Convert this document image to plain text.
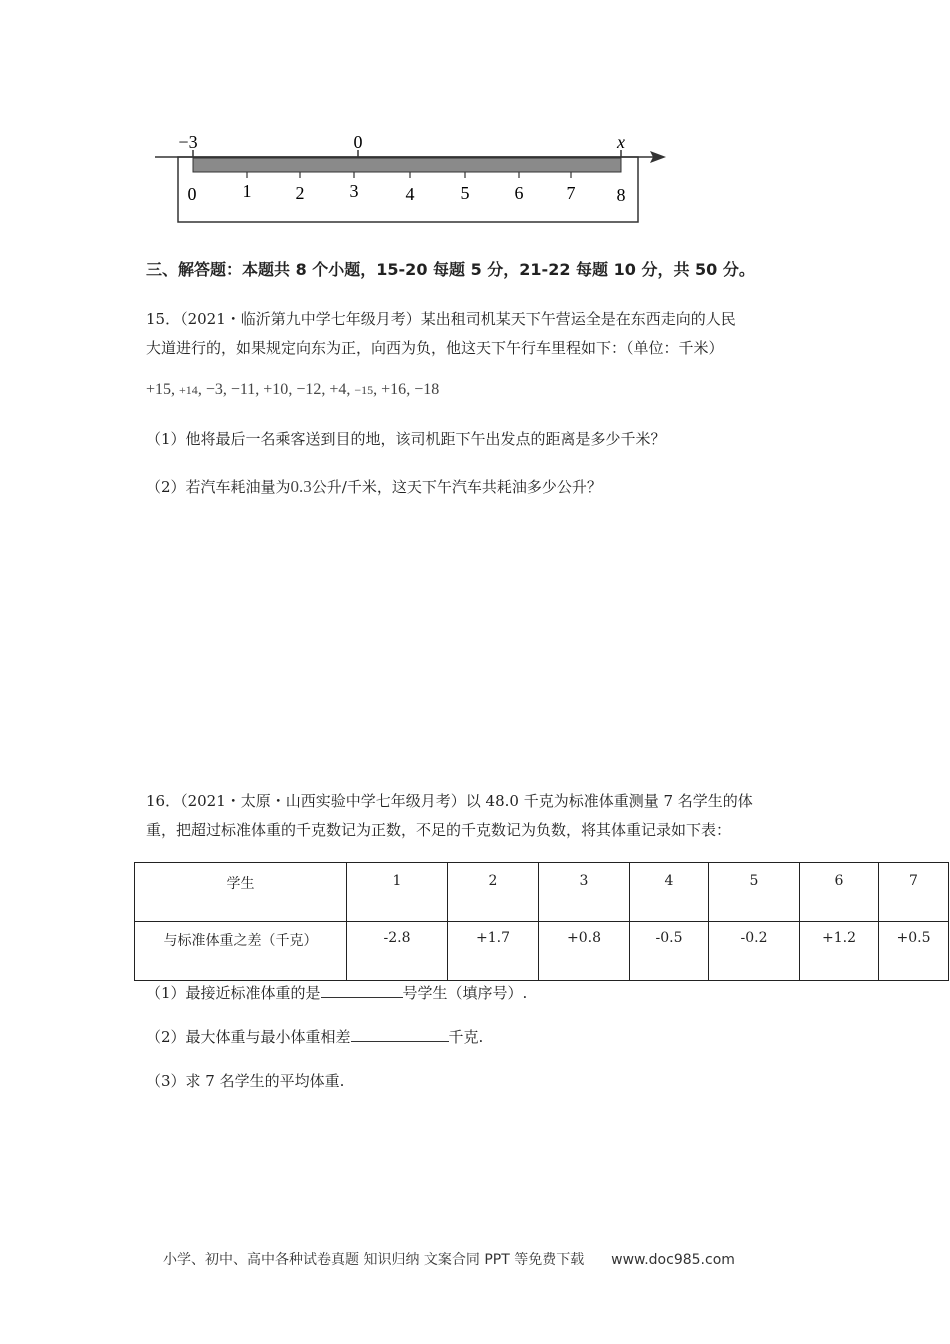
−3	0	x
0	1 2	3	4	5	6 7 8
三、解答题：本题共 8 个小题，15-20 每题 5 分，21-22 每题 10 分，共 50 分。
15．（2021・临沂第九中学七年级月考）某出租司机某天下午营运全是在东西走向的人民
大道进行的，如果规定向东为正，向西为负，他这天下午行车里程如下：（单位：千米）
+15, +14, −3, −11, +10, −12, +4, −15, +16, −18
（1）他将最后一名乘客送到目的地，该司机距下午出发点的距离是多少千米？
（2）若汽车耗油量为0.3公升/千米，这天下午汽车共耗油多少公升？
16．（2021・太原・山西实验中学七年级月考）以 48.0 千克为标准体重测量 7 名学生的体
重，把超过标准体重的千克数记为正数，不足的千克数记为负数，将其体重记录如下表：
学生	1	2	3	4	5	6	7
与标准体重之差（千克）	-2.8	+1.7	+0.8	-0.5	-0.2	+1.2	+0.5
（1）最接近标准体重的是	号学生（填序号）.
（2）最大体重与最小体重相差	千克.
（3）求 7 名学生的平均体重.
小学、初中、高中各种试卷真题 知识归纳 文案合同 PPT 等免费下载 www.doc985.com
